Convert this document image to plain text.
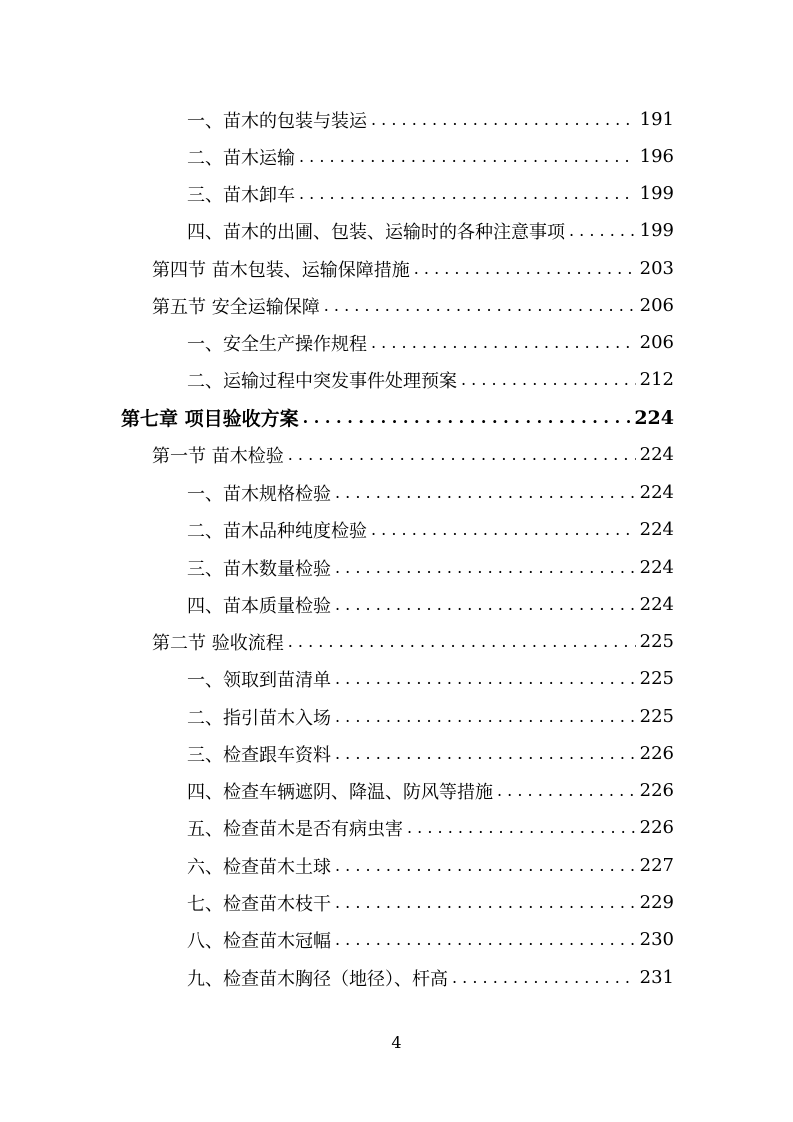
一、苗木的包装与装运 . . .	191
二、苗木运输 . . .	196
三、苗木卸车 . . .	199
四、苗木的出圃、包装、运输时的各种注意事项 . . .	199
第四节 苗木包装、运输保障措施 . . .	203
第五节 安全运输保障 . . .	206
一、安全生产操作规程 . . .	206
二、运输过程中突发事件处理预案 . . .	212
第七章 项目验收方案 . . .	224
第一节 苗木检验 . . .	224
一、苗木规格检验 . . .	224
二、苗木品种纯度检验 . . .	224
三、苗木数量检验 . . .	224
四、苗本质量检验 . . .	224
第二节 验收流程 . . .	225
一、领取到苗清单 . . .	225
二、指引苗木入场 . . .	225
三、检查跟车资料 . . .	226
四、检查车辆遮阴、降温、防风等措施 . . .	226
五、检查苗木是否有病虫害 . . .	226
六、检查苗木土球 . . .	227
七、检查苗木枝干 . . .	229
八、检查苗木冠幅 . . .	230
九、检查苗木胸径（地径）、杆高 . . .	231
4
